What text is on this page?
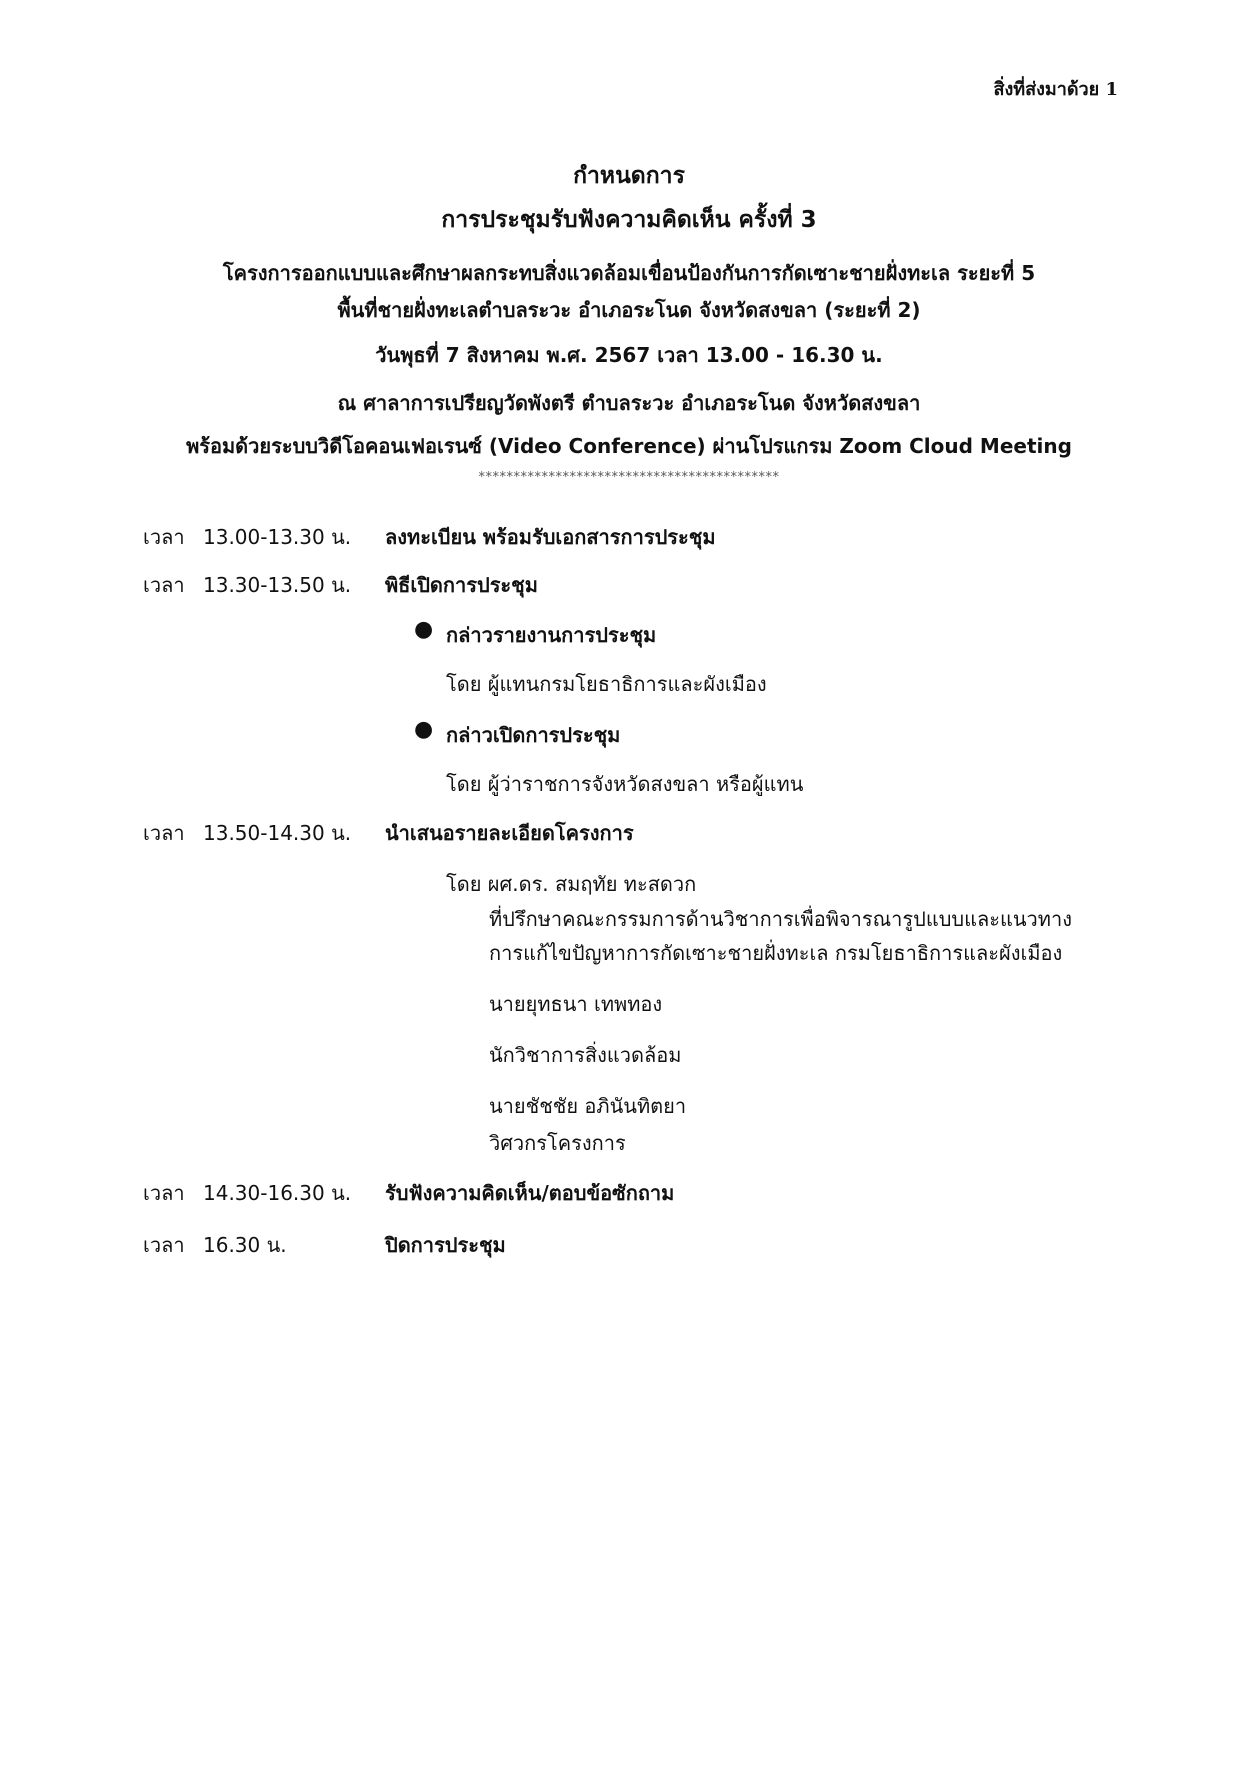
สิ่งที่ส่งมาด้วย 1
กำหนดการ
การประชุมรับฟังความคิดเห็น ครั้งที่ 3
โครงการออกแบบและศึกษาผลกระทบสิ่งแวดล้อมเขื่อนป้องกันการกัดเซาะชายฝั่งทะเล ระยะที่ 5
พื้นที่ชายฝั่งทะเลตำบลระวะ อำเภอระโนด จังหวัดสงขลา (ระยะที่ 2)
วันพุธที่ 7 สิงหาคม พ.ศ. 2567 เวลา 13.00 - 16.30 น.
ณ ศาลาการเปรียญวัดพังตรี ตำบลระวะ อำเภอระโนด จังหวัดสงขลา
พร้อมด้วยระบบวิดีโอคอนเฟอเรนซ์ (Video Conference) ผ่านโปรแกรม Zoom Cloud Meeting
*******************************************
เวลา 13.00-13.30 น. ลงทะเบียน พร้อมรับเอกสารการประชุม
เวลา 13.30-13.50 น. พิธีเปิดการประชุม
● กล่าวรายงานการประชุม
โดย ผู้แทนกรมโยธาธิการและผังเมือง
● กล่าวเปิดการประชุม
โดย ผู้ว่าราชการจังหวัดสงขลา หรือผู้แทน
เวลา 13.50-14.30 น. นำเสนอรายละเอียดโครงการ
โดย ผศ.ดร. สมฤทัย ทะสดวก
ที่ปรึกษาคณะกรรมการด้านวิชาการเพื่อพิจารณารูปแบบและแนวทาง
การแก้ไขปัญหาการกัดเซาะชายฝั่งทะเล กรมโยธาธิการและผังเมือง
นายยุทธนา เทพทอง
นักวิชาการสิ่งแวดล้อม
นายชัชชัย อภินันทิตยา
วิศวกรโครงการ
เวลา 14.30-16.30 น. รับฟังความคิดเห็น/ตอบข้อซักถาม
เวลา 16.30 น.	ปิดการประชุม
